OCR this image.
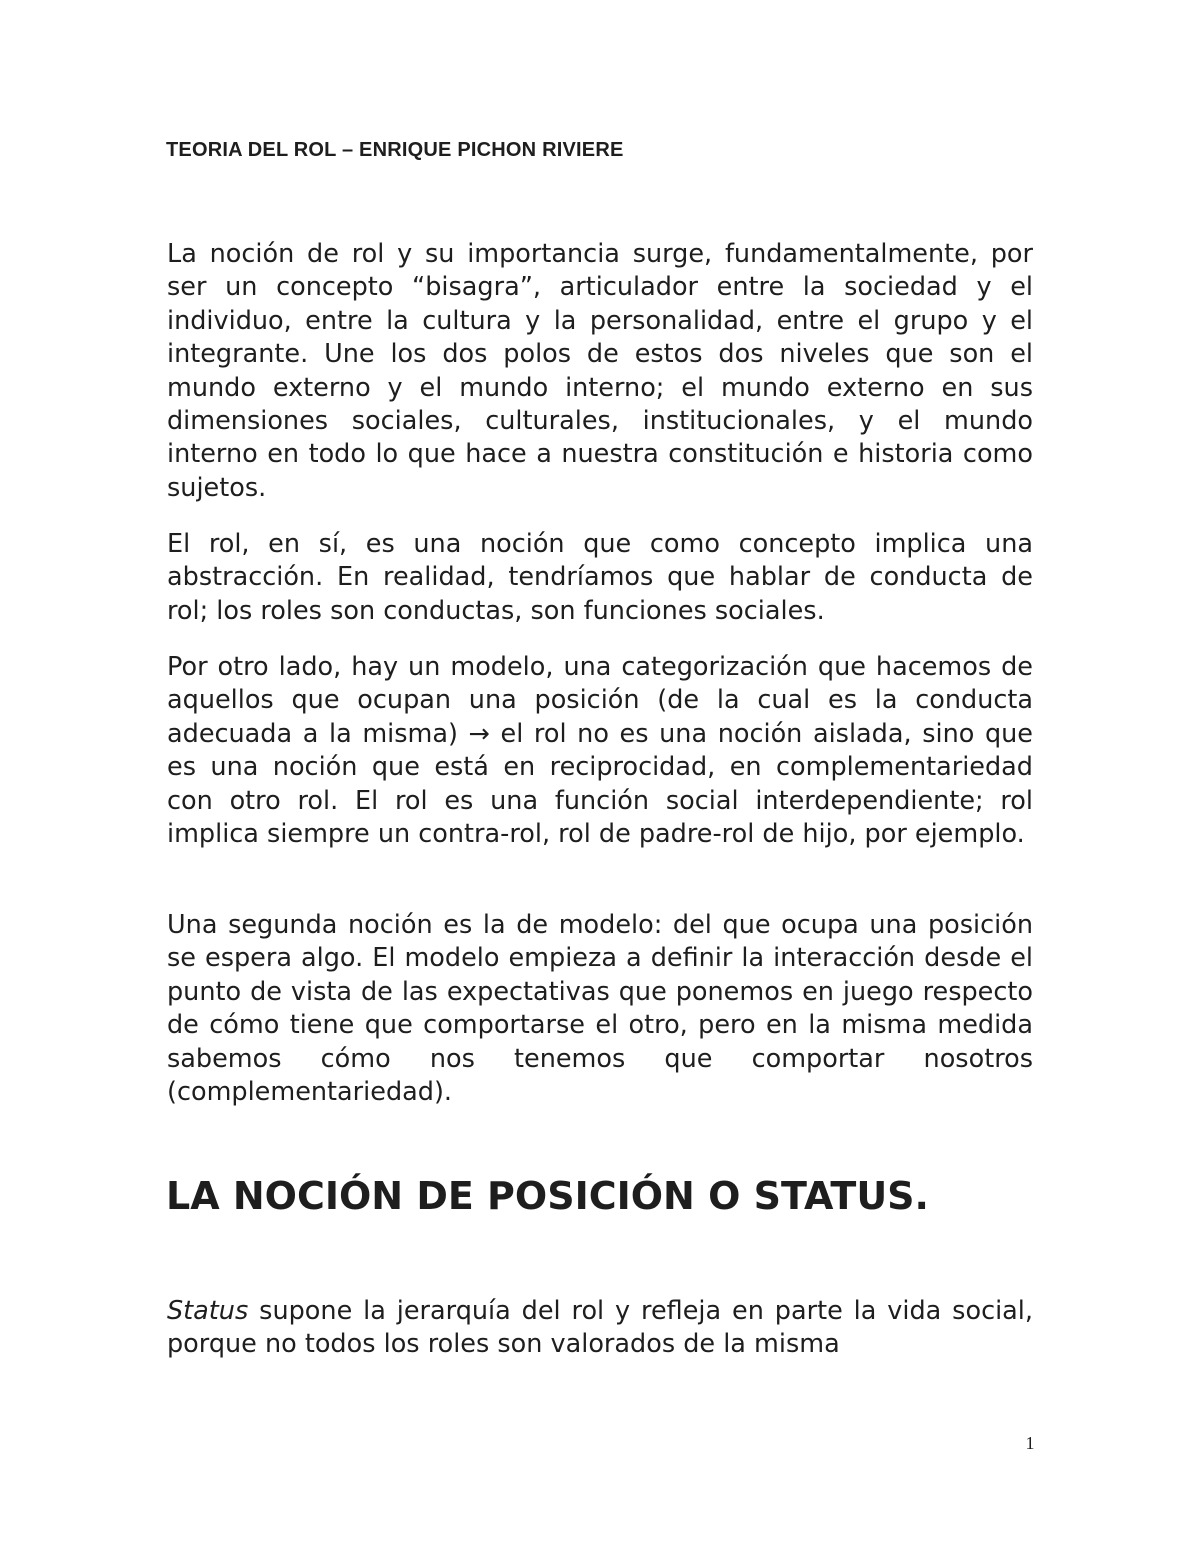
TEORIA DEL ROL – ENRIQUE PICHON RIVIERE

La noción de rol y su importancia surge, fundamentalmente, por ser un concepto “bisagra”, articulador entre la sociedad y el individuo, entre la cultura y la personalidad, entre el grupo y el integrante. Une los dos polos de estos dos niveles que son el mundo externo y el mundo interno; el mundo externo en sus dimensiones sociales, culturales, institucionales, y el mundo interno en todo lo que hace a nuestra constitución e historia como sujetos.

El rol, en sí, es una noción que como concepto implica una abstracción. En realidad, tendríamos que hablar de conducta de rol; los roles son conductas, son funciones sociales.

Por otro lado, hay un modelo, una categorización que hacemos de aquellos que ocupan una posición (de la cual es la conducta adecuada a la misma) → el rol no es una noción aislada, sino que es una noción que está en reciprocidad, en complementariedad con otro rol. El rol es una función social interdependiente; rol implica siempre un contra-rol, rol de padre-rol de hijo, por ejemplo.

Una segunda noción es la de modelo: del que ocupa una posición se espera algo. El modelo empieza a definir la interacción desde el punto de vista de las expectativas que ponemos en juego respecto de cómo tiene que comportarse el otro, pero en la misma medida sabemos cómo nos tenemos que comportar nosotros (complementariedad).

LA NOCIÓN DE POSICIÓN O STATUS.

Status supone la jerarquía del rol y refleja en parte la vida social, porque no todos los roles son valorados de la misma

1
